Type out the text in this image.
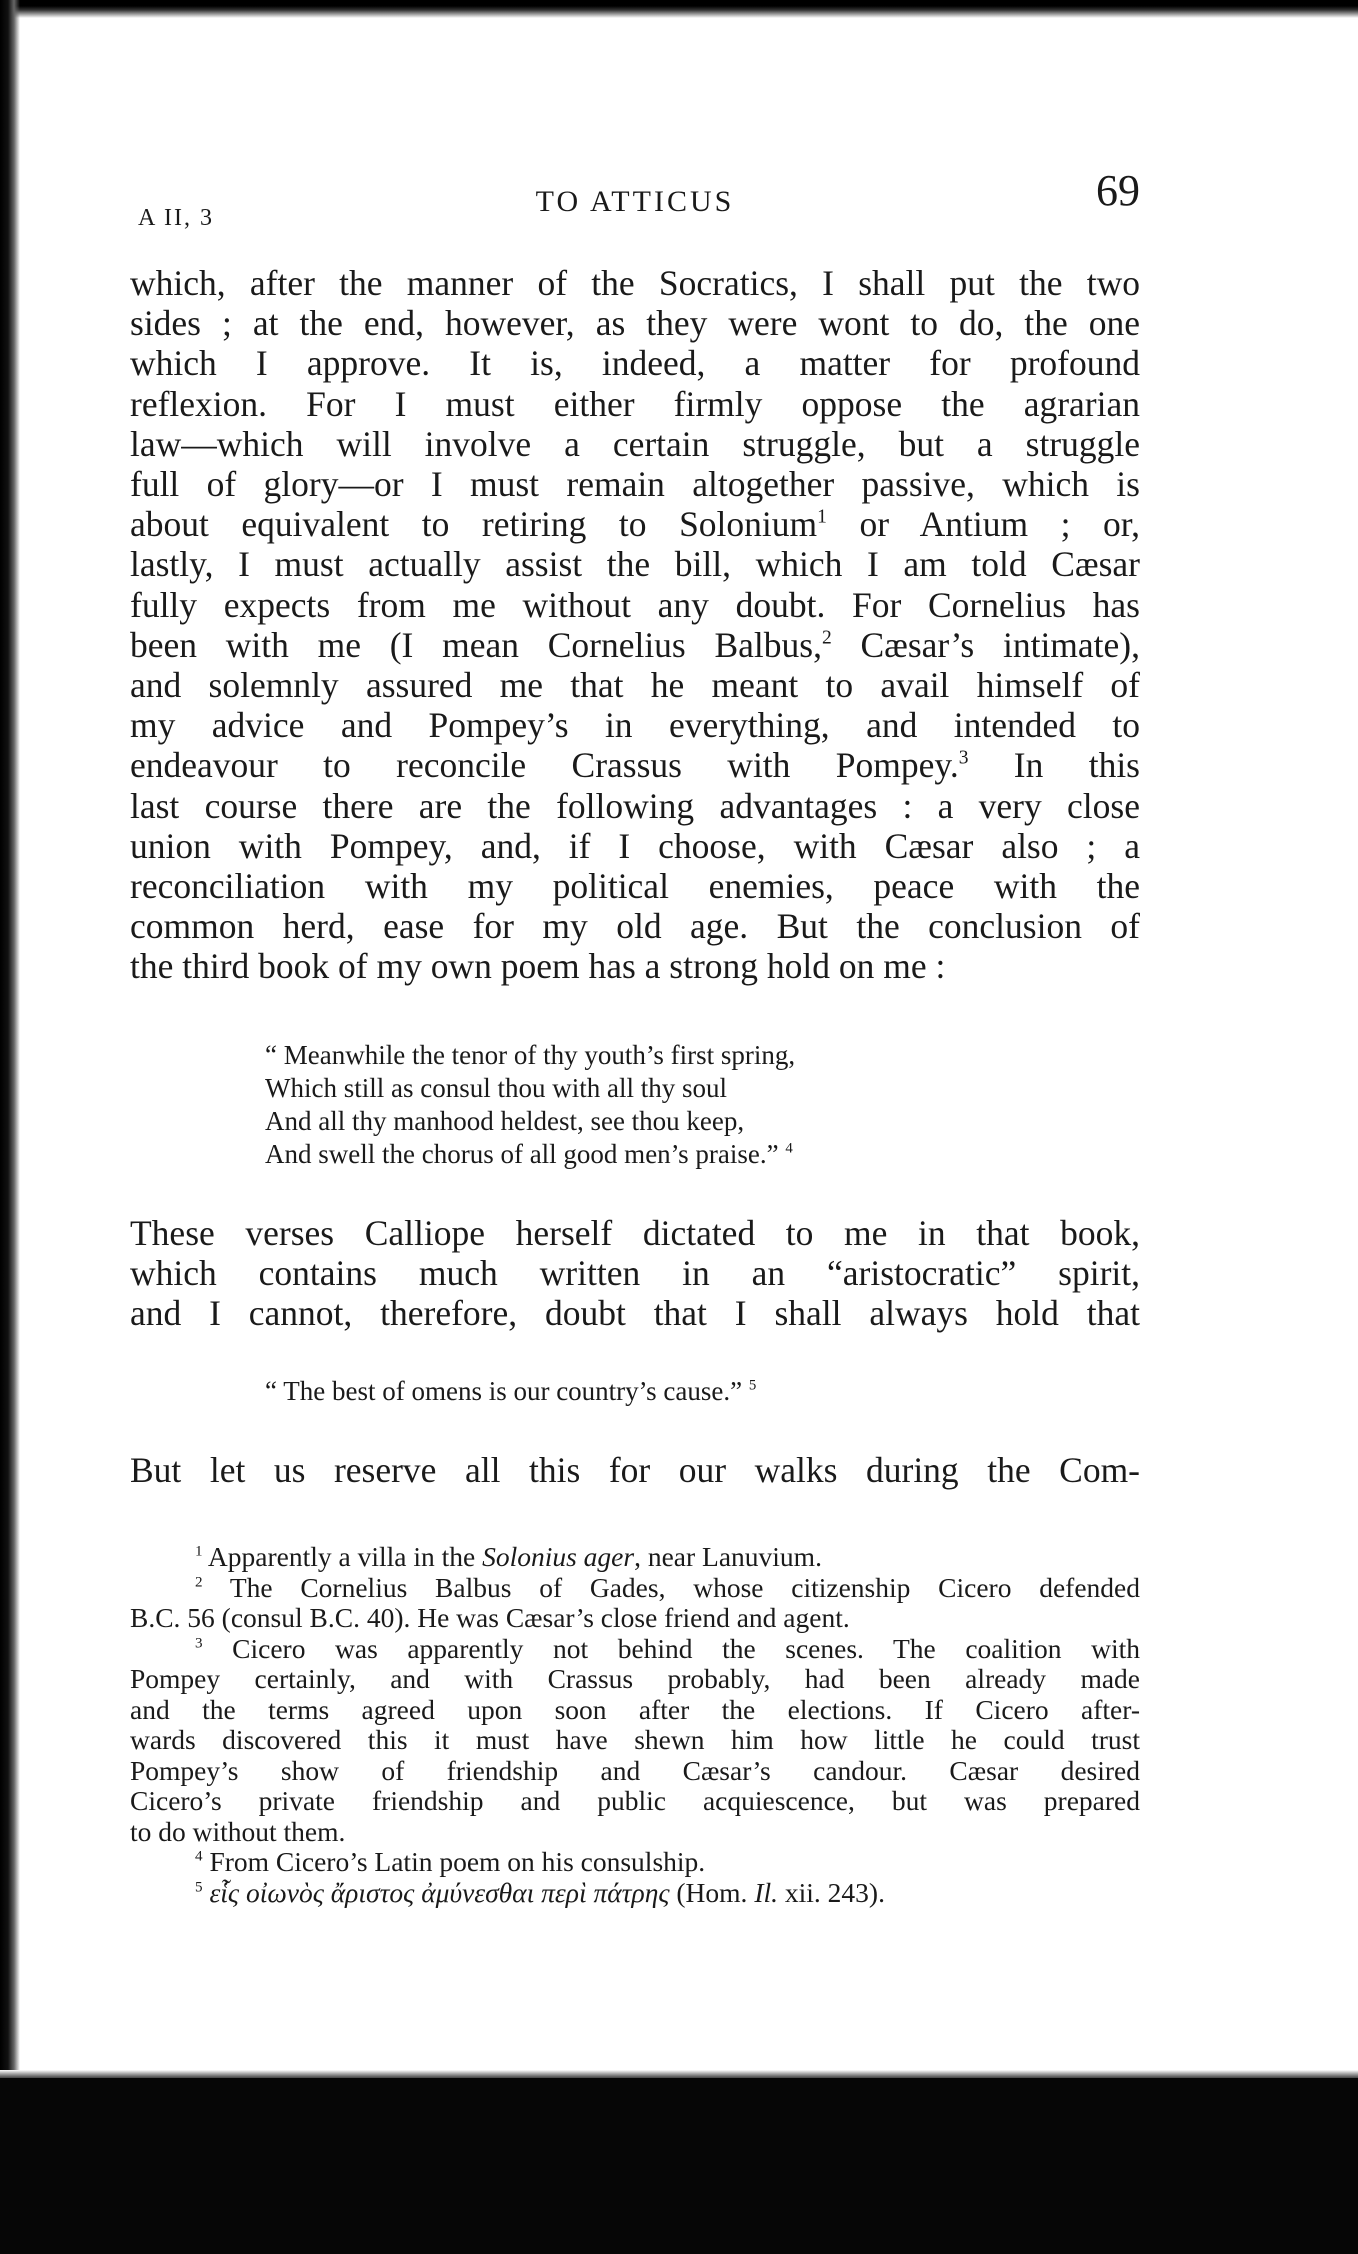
A II, 3	TO ATTICUS	69
which, after the manner of the Socratics, I shall put the two
sides ; at the end, however, as they were wont to do, the one
which I approve. It is, indeed, a matter for profound
reflexion. For I must either firmly oppose the agrarian
law—which will involve a certain struggle, but a struggle
full of glory—or I must remain altogether passive, which is
about equivalent to retiring to Solonium$^1$ or Antium ; or,
lastly, I must actually assist the bill, which I am told Cæsar
fully expects from me without any doubt. For Cornelius has
been with me (I mean Cornelius Balbus,$^2$ Cæsar’s intimate),
and solemnly assured me that he meant to avail himself of
my advice and Pompey’s in everything, and intended to
endeavour to reconcile Crassus with Pompey.$^3$ In this
last course there are the following advantages : a very close
union with Pompey, and, if I choose, with Cæsar also ; a
reconciliation with my political enemies, peace with the
common herd, ease for my old age. But the conclusion of
the third book of my own poem has a strong hold on me :
“ Meanwhile the tenor of thy youth’s first spring,
Which still as consul thou with all thy soul
And all thy manhood heldest, see thou keep,
And swell the chorus of all good men’s praise.” $^4$
These verses Calliope herself dictated to me in that book,
which contains much written in an “aristocratic” spirit,
and I cannot, therefore, doubt that I shall always hold that
“ The best of omens is our country’s cause.” $^5$
But let us reserve all this for our walks during the Com-
$^1$ Apparently a villa in the Solonius ager, near Lanuvium.
$^2$ The Cornelius Balbus of Gades, whose citizenship Cicero defended
B.C. 56 (consul B.C. 40). He was Cæsar’s close friend and agent.
$^3$ Cicero was apparently not behind the scenes. The coalition with
Pompey certainly, and with Crassus probably, had been already made
and the terms agreed upon soon after the elections. If Cicero after-
wards discovered this it must have shewn him how little he could trust
Pompey’s show of friendship and Cæsar’s candour. Cæsar desired
Cicero’s private friendship and public acquiescence, but was prepared
to do without them.
$^4$ From Cicero’s Latin poem on his consulship.
$^5$ εἷς οἰωνὸς ἄριστος ἀμύνεσθαι περὶ πάτρης (Hom. Il. xii. 243).
